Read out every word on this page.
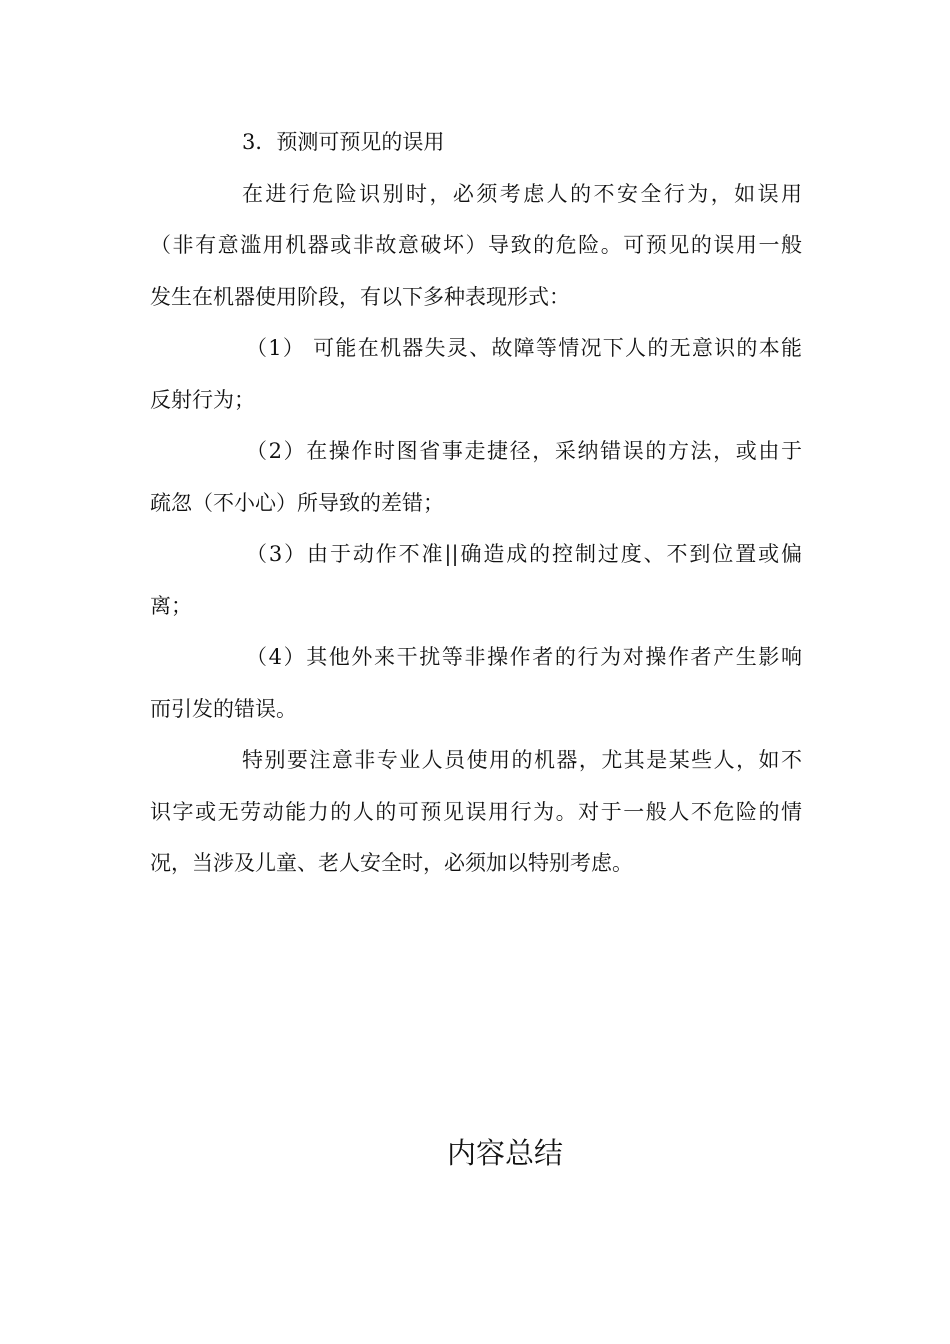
3．预测可预见的误用
在进行危险识别时，必须考虑人的不安全行为，如误用
（非有意滥用机器或非故意破坏）导致的危险。可预见的误用一般
发生在机器使用阶段，有以下多种表现形式：
（1） 可能在机器失灵、故障等情况下人的无意识的本能
反射行为；
（2）在操作时图省事走捷径，采纳错误的方法，或由于
疏忽（不小心）所导致的差错；
（3）由于动作不准||确造成的控制过度、不到位置或偏
离；
（4）其他外来干扰等非操作者的行为对操作者产生影响
而引发的错误。
特别要注意非专业人员使用的机器，尤其是某些人，如不
识字或无劳动能力的人的可预见误用行为。对于一般人不危险的情
况，当涉及儿童、老人安全时，必须加以特别考虑。
内容总结
